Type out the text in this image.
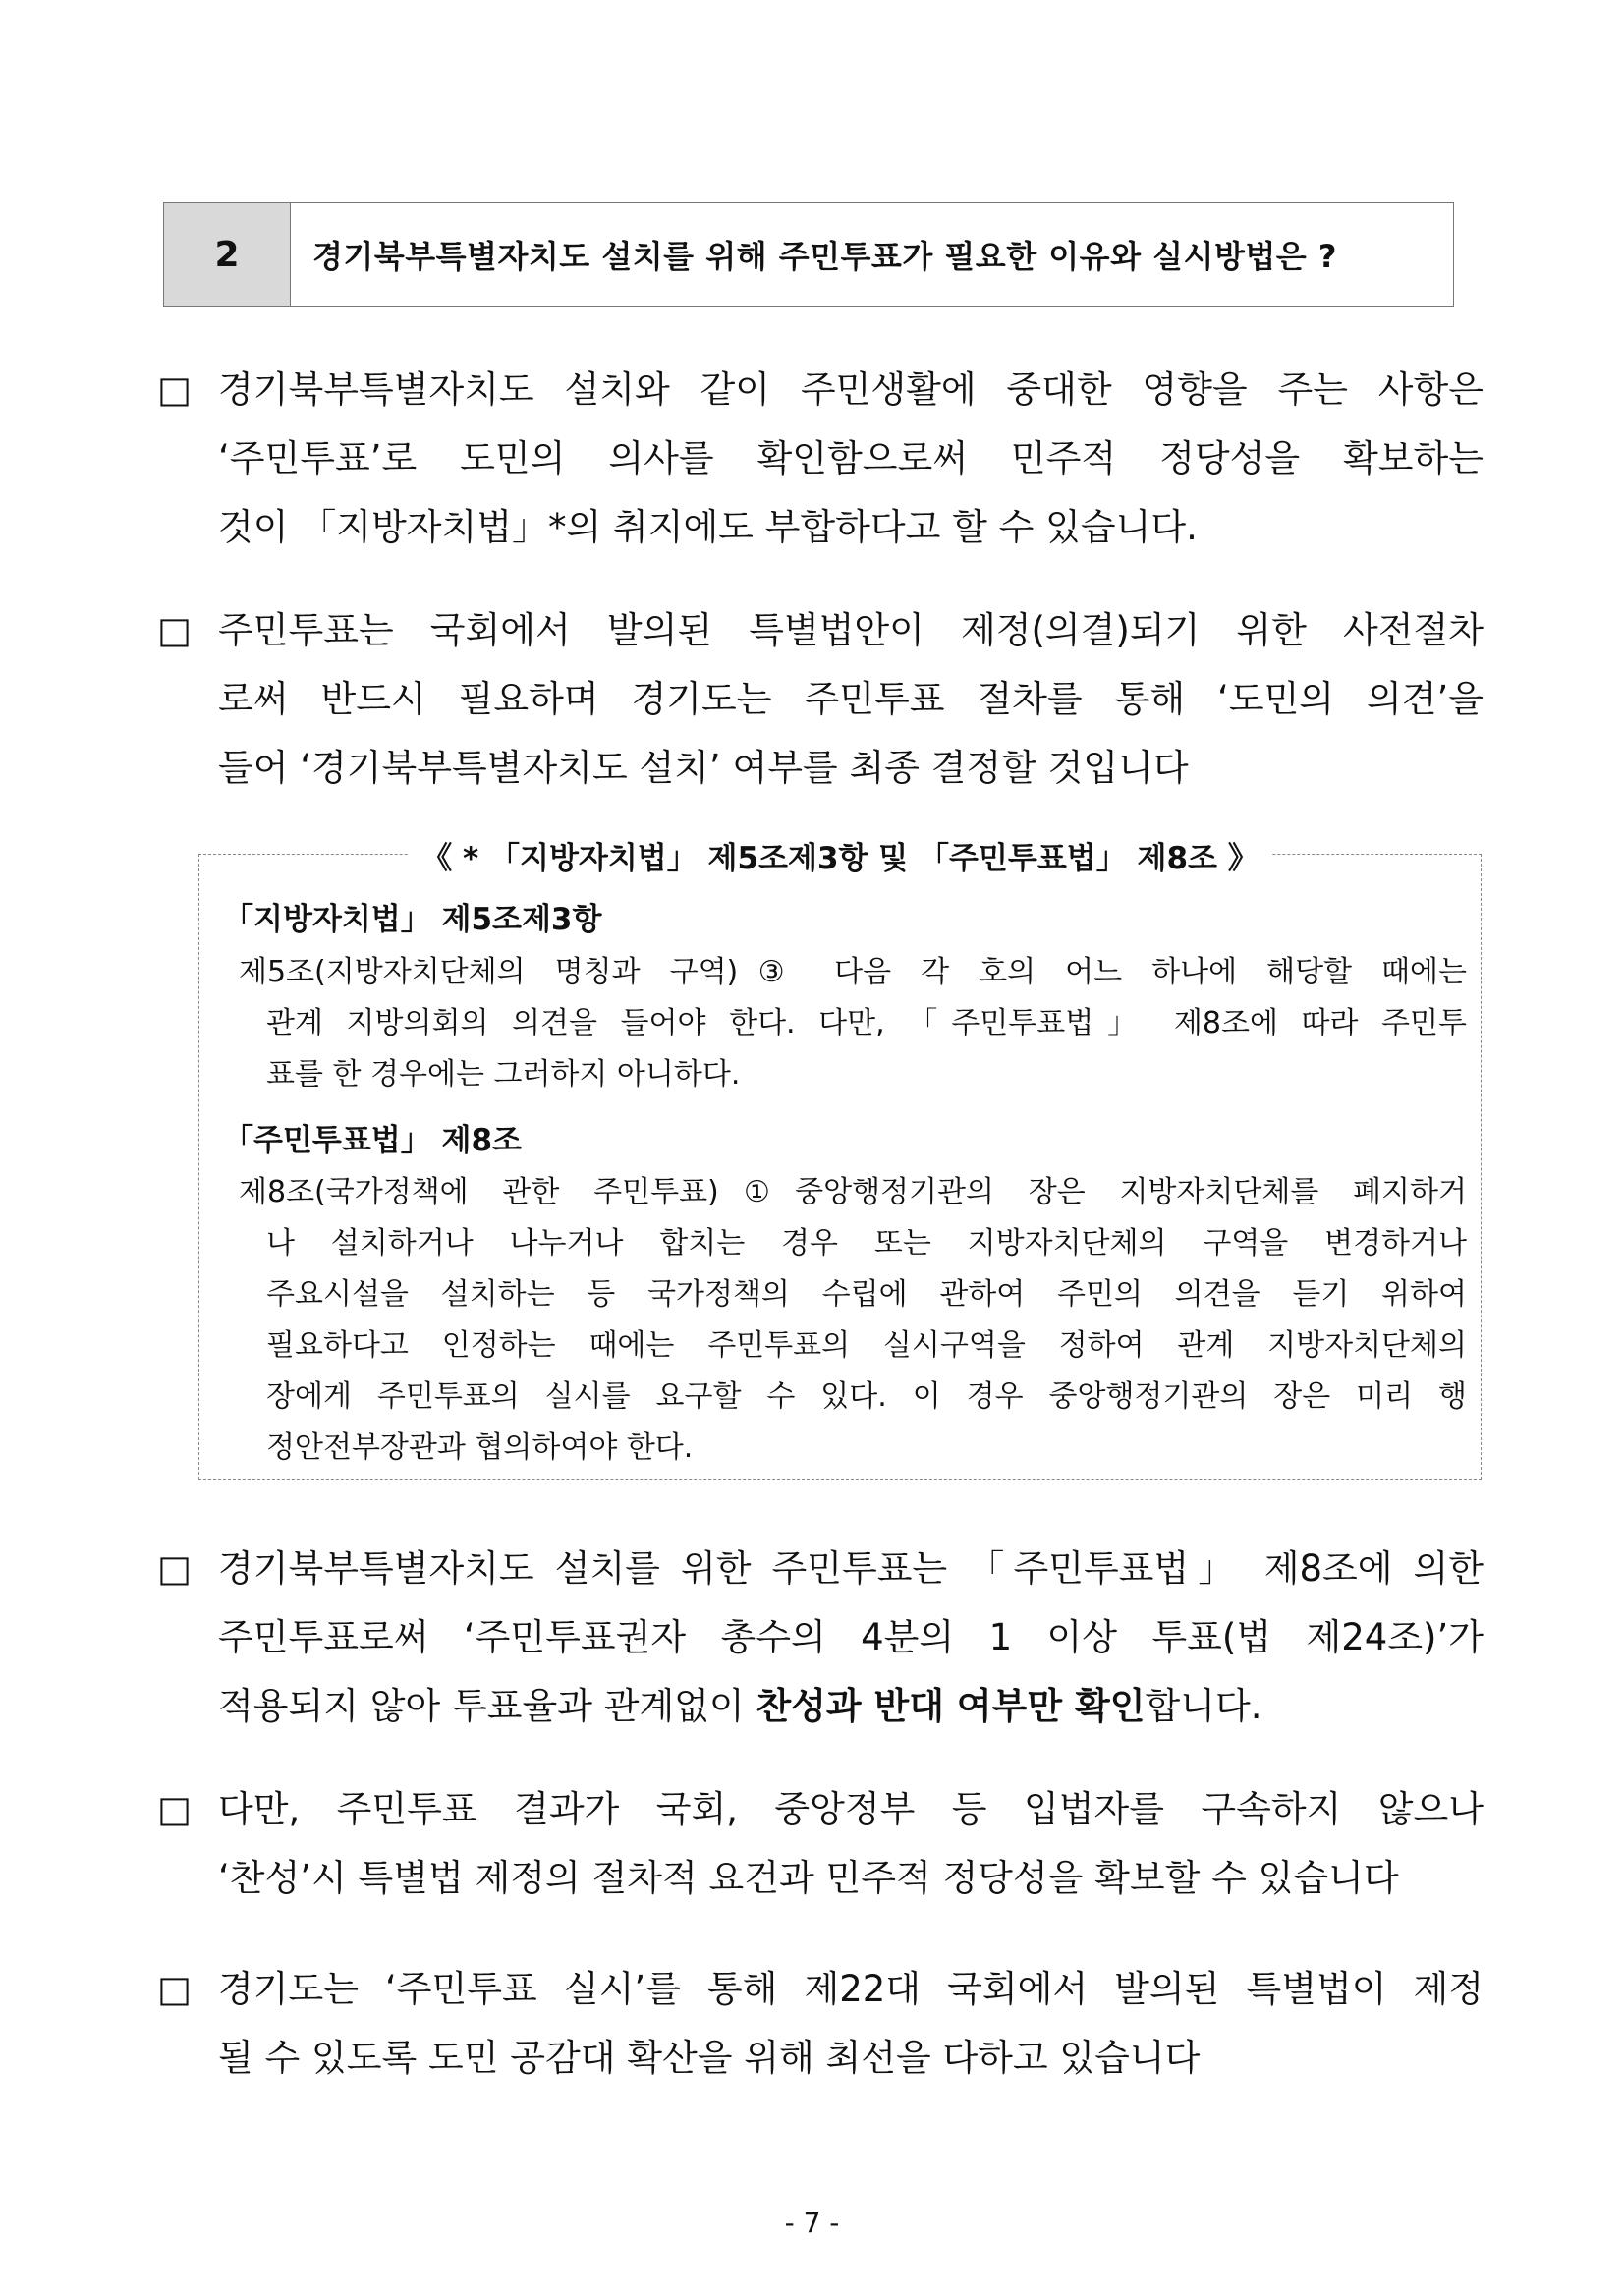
2	경기북부특별자치도 설치를 위해 주민투표가 필요한 이유와 실시방법은 ?
□ 경기북부특별자치도 설치와 같이 주민생활에 중대한 영향을 주는 사항은
‘주민투표’로 도민의 의사를 확인함으로써 민주적 정당성을 확보하는
것이 「지방자치법」*의 취지에도 부합하다고 할 수 있습니다.
□ 주민투표는 국회에서 발의된 특별법안이 제정(의결)되기 위한 사전절차
로써 반드시 필요하며 경기도는 주민투표 절차를 통해 ‘도민의 의견’을
들어 ‘경기북부특별자치도 설치’ 여부를 최종 결정할 것입니다
《 * 「지방자치법」 제5조제3항 및 「주민투표법」 제8조 》
「지방자치법」 제5조제3항
제5조(지방자치단체의 명칭과 구역)③ 다음 각 호의 어느 하나에 해당할 때에는
관계 지방의회의 의견을 들어야 한다. 다만, 「주민투표법」 제8조에 따라 주민투
표를 한 경우에는 그러하지 아니하다.
「주민투표법」 제8조
제8조(국가정책에 관한 주민투표)①중앙행정기관의 장은 지방자치단체를 폐지하거
나 설치하거나 나누거나 합치는 경우 또는 지방자치단체의 구역을 변경하거나
주요시설을 설치하는 등 국가정책의 수립에 관하여 주민의 의견을 듣기 위하여
필요하다고 인정하는 때에는 주민투표의 실시구역을 정하여 관계 지방자치단체의
장에게 주민투표의 실시를 요구할 수 있다. 이 경우 중앙행정기관의 장은 미리 행
정안전부장관과 협의하여야 한다.
□ 경기북부특별자치도 설치를 위한 주민투표는 「주민투표법」 제8조에 의한
주민투표로써 ‘주민투표권자 총수의 4분의 1 이상 투표(법 제24조)’가
적용되지 않아 투표율과 관계없이 찬성과 반대 여부만 확인합니다.
□ 다만, 주민투표 결과가 국회, 중앙정부 등 입법자를 구속하지 않으나
‘찬성’시 특별법 제정의 절차적 요건과 민주적 정당성을 확보할 수 있습니다
□ 경기도는 ‘주민투표 실시’를 통해 제22대 국회에서 발의된 특별법이 제정
될 수 있도록 도민 공감대 확산을 위해 최선을 다하고 있습니다
- 7 -
